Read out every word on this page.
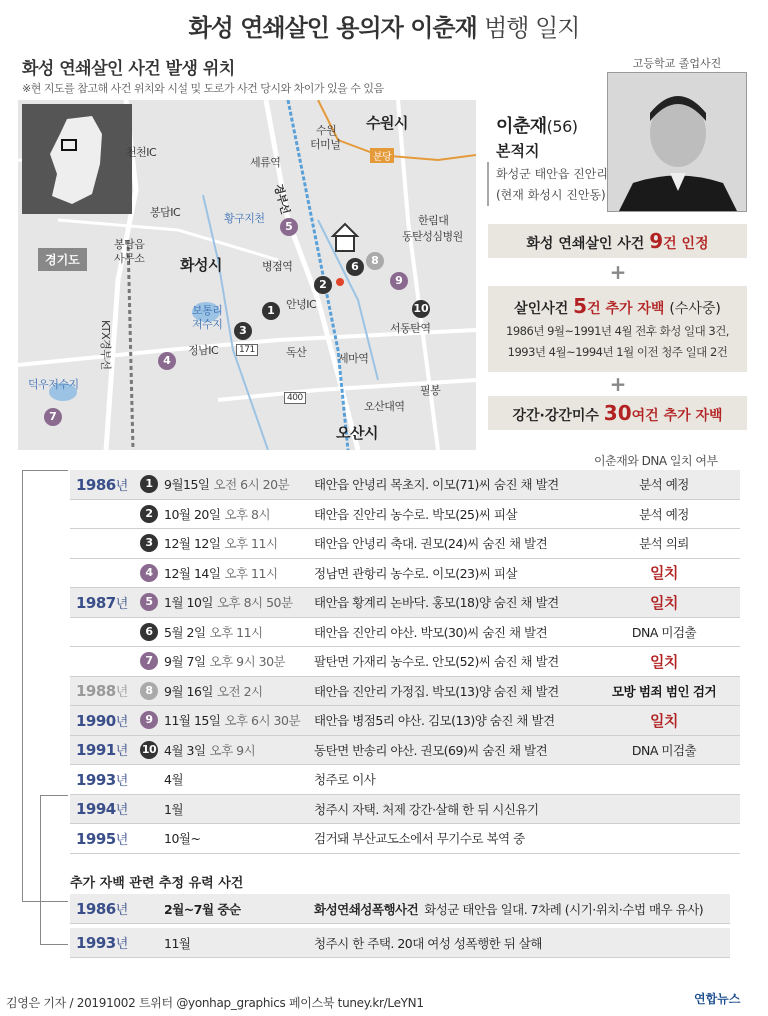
화성 연쇄살인 용의자 이춘재 범행 일지
화성 연쇄살인 사건 발생 위치
※현 지도를 참고해 사건 위치와 시설 및 도로가 사건 당시와 차이가 있을 수 있음
경기도
수원시
수원
터미널
세류역	분당
천천IC
봉담IC
봉담읍
사무소 화성시
황구지천
병점역
한림대
동탄성심병원
보통리
저수지
안녕IC
정남IC
서동탄역
독산	세마역
171
400
필봉
오산대역
오산시
덕우저수지
KTX경부선
경부선
1
2
3
4
5
6
7
8
9
10
고등학교 졸업사진
이춘재(56)
본적지
화성군 태안읍 진안리
(현재 화성시 진안동)
화성 연쇄살인 사건 9건 인정
+
살인사건 5건 추가 자백 (수사중)
1986년 9월~1991년 4월 전후 화성 일대 3건,
1993년 4월~1994년 1월 이전 청주 일대 2건
+
강간·강간미수 30여건 추가 자백
이춘재와 DNA 일치 여부
1986년	1 9월15일 오전 6시 20분	태안읍 안녕리 목초지. 이모(71)씨 숨진 채 발견	분석 예정
2 10월 20일 오후 8시	태안읍 진안리 농수로. 박모(25)씨 피살	분석 예정
3 12월 12일 오후 11시	태안읍 안녕리 축대. 권모(24)씨 숨진 채 발견	분석 의뢰
4 12월 14일 오후 11시	정남면 관항리 농수로. 이모(23)씨 피살	일치
1987년	5 1월 10일 오후 8시 50분	태안읍 황계리 논바닥. 홍모(18)양 숨진 채 발견	일치
6 5월 2일 오후 11시	태안읍 진안리 야산. 박모(30)씨 숨진 채 발견	DNA 미검출
7 9월 7일 오후 9시 30분	팔탄면 가재리 농수로. 안모(52)씨 숨진 채 발견	일치
1988년	8 9월 16일 오전 2시	태안읍 진안리 가정집. 박모(13)양 숨진 채 발견	모방 범죄 범인 검거
1990년	9 11월 15일 오후 6시 30분	태안읍 병점5리 야산. 김모(13)양 숨진 채 발견	일치
1991년	10 4월 3일 오후 9시	동탄면 반송리 야산. 권모(69)씨 숨진 채 발견	DNA 미검출
1993년	4월	청주로 이사
1994년	1월	청주시 자택. 처제 강간·살해 한 뒤 시신유기
1995년	10월~	검거돼 부산교도소에서 무기수로 복역 중
추가 자백 관련 추정 유력 사건
1986년	2월~7월 중순	화성연쇄성폭행사건 화성군 태안읍 일대. 7차례 (시기·위치·수법 매우 유사)
1993년	11월	청주시 한 주택. 20대 여성 성폭행한 뒤 살해
김영은 기자 / 20191002 트위터 @yonhap_graphics 페이스북 tuney.kr/LeYN1	연합뉴스
